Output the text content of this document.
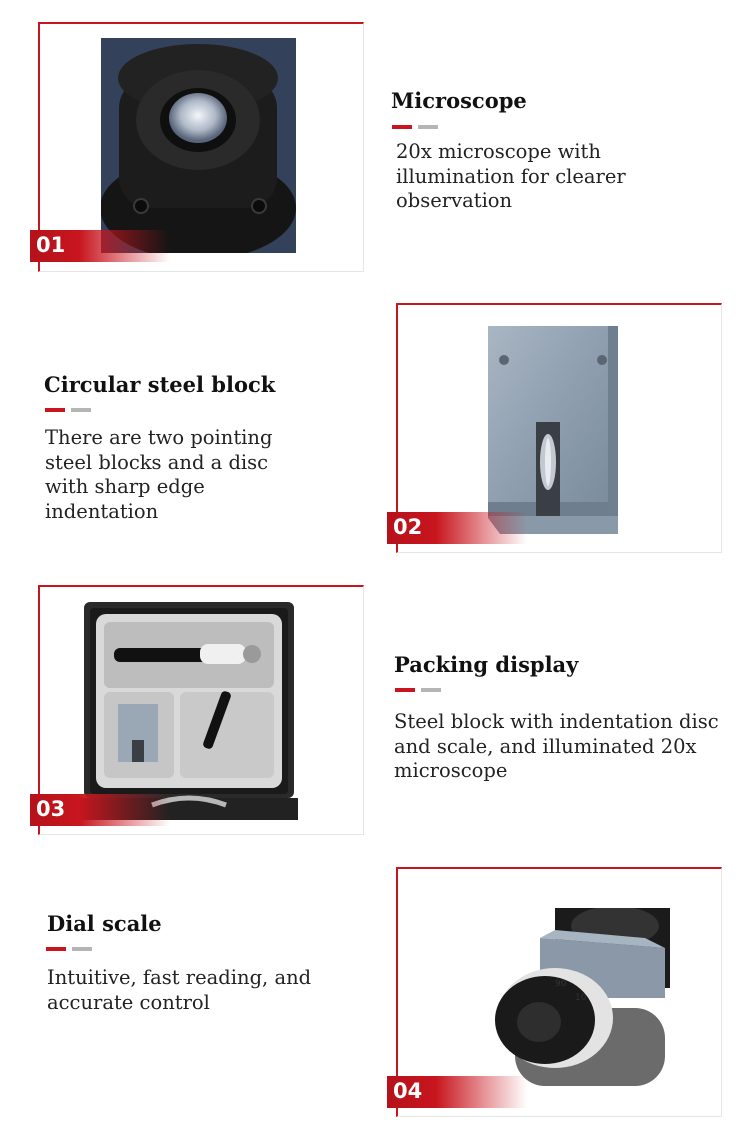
01
Microscope
20x microscope with illumination for clearer observation
Circular steel block
There are two pointing steel blocks and a disc with sharp edge indentation
02
03
Packing display
Steel block with indentation disc and scale, and illuminated 20x microscope
Dial scale
Intuitive, fast reading, and accurate control
90
10
04
